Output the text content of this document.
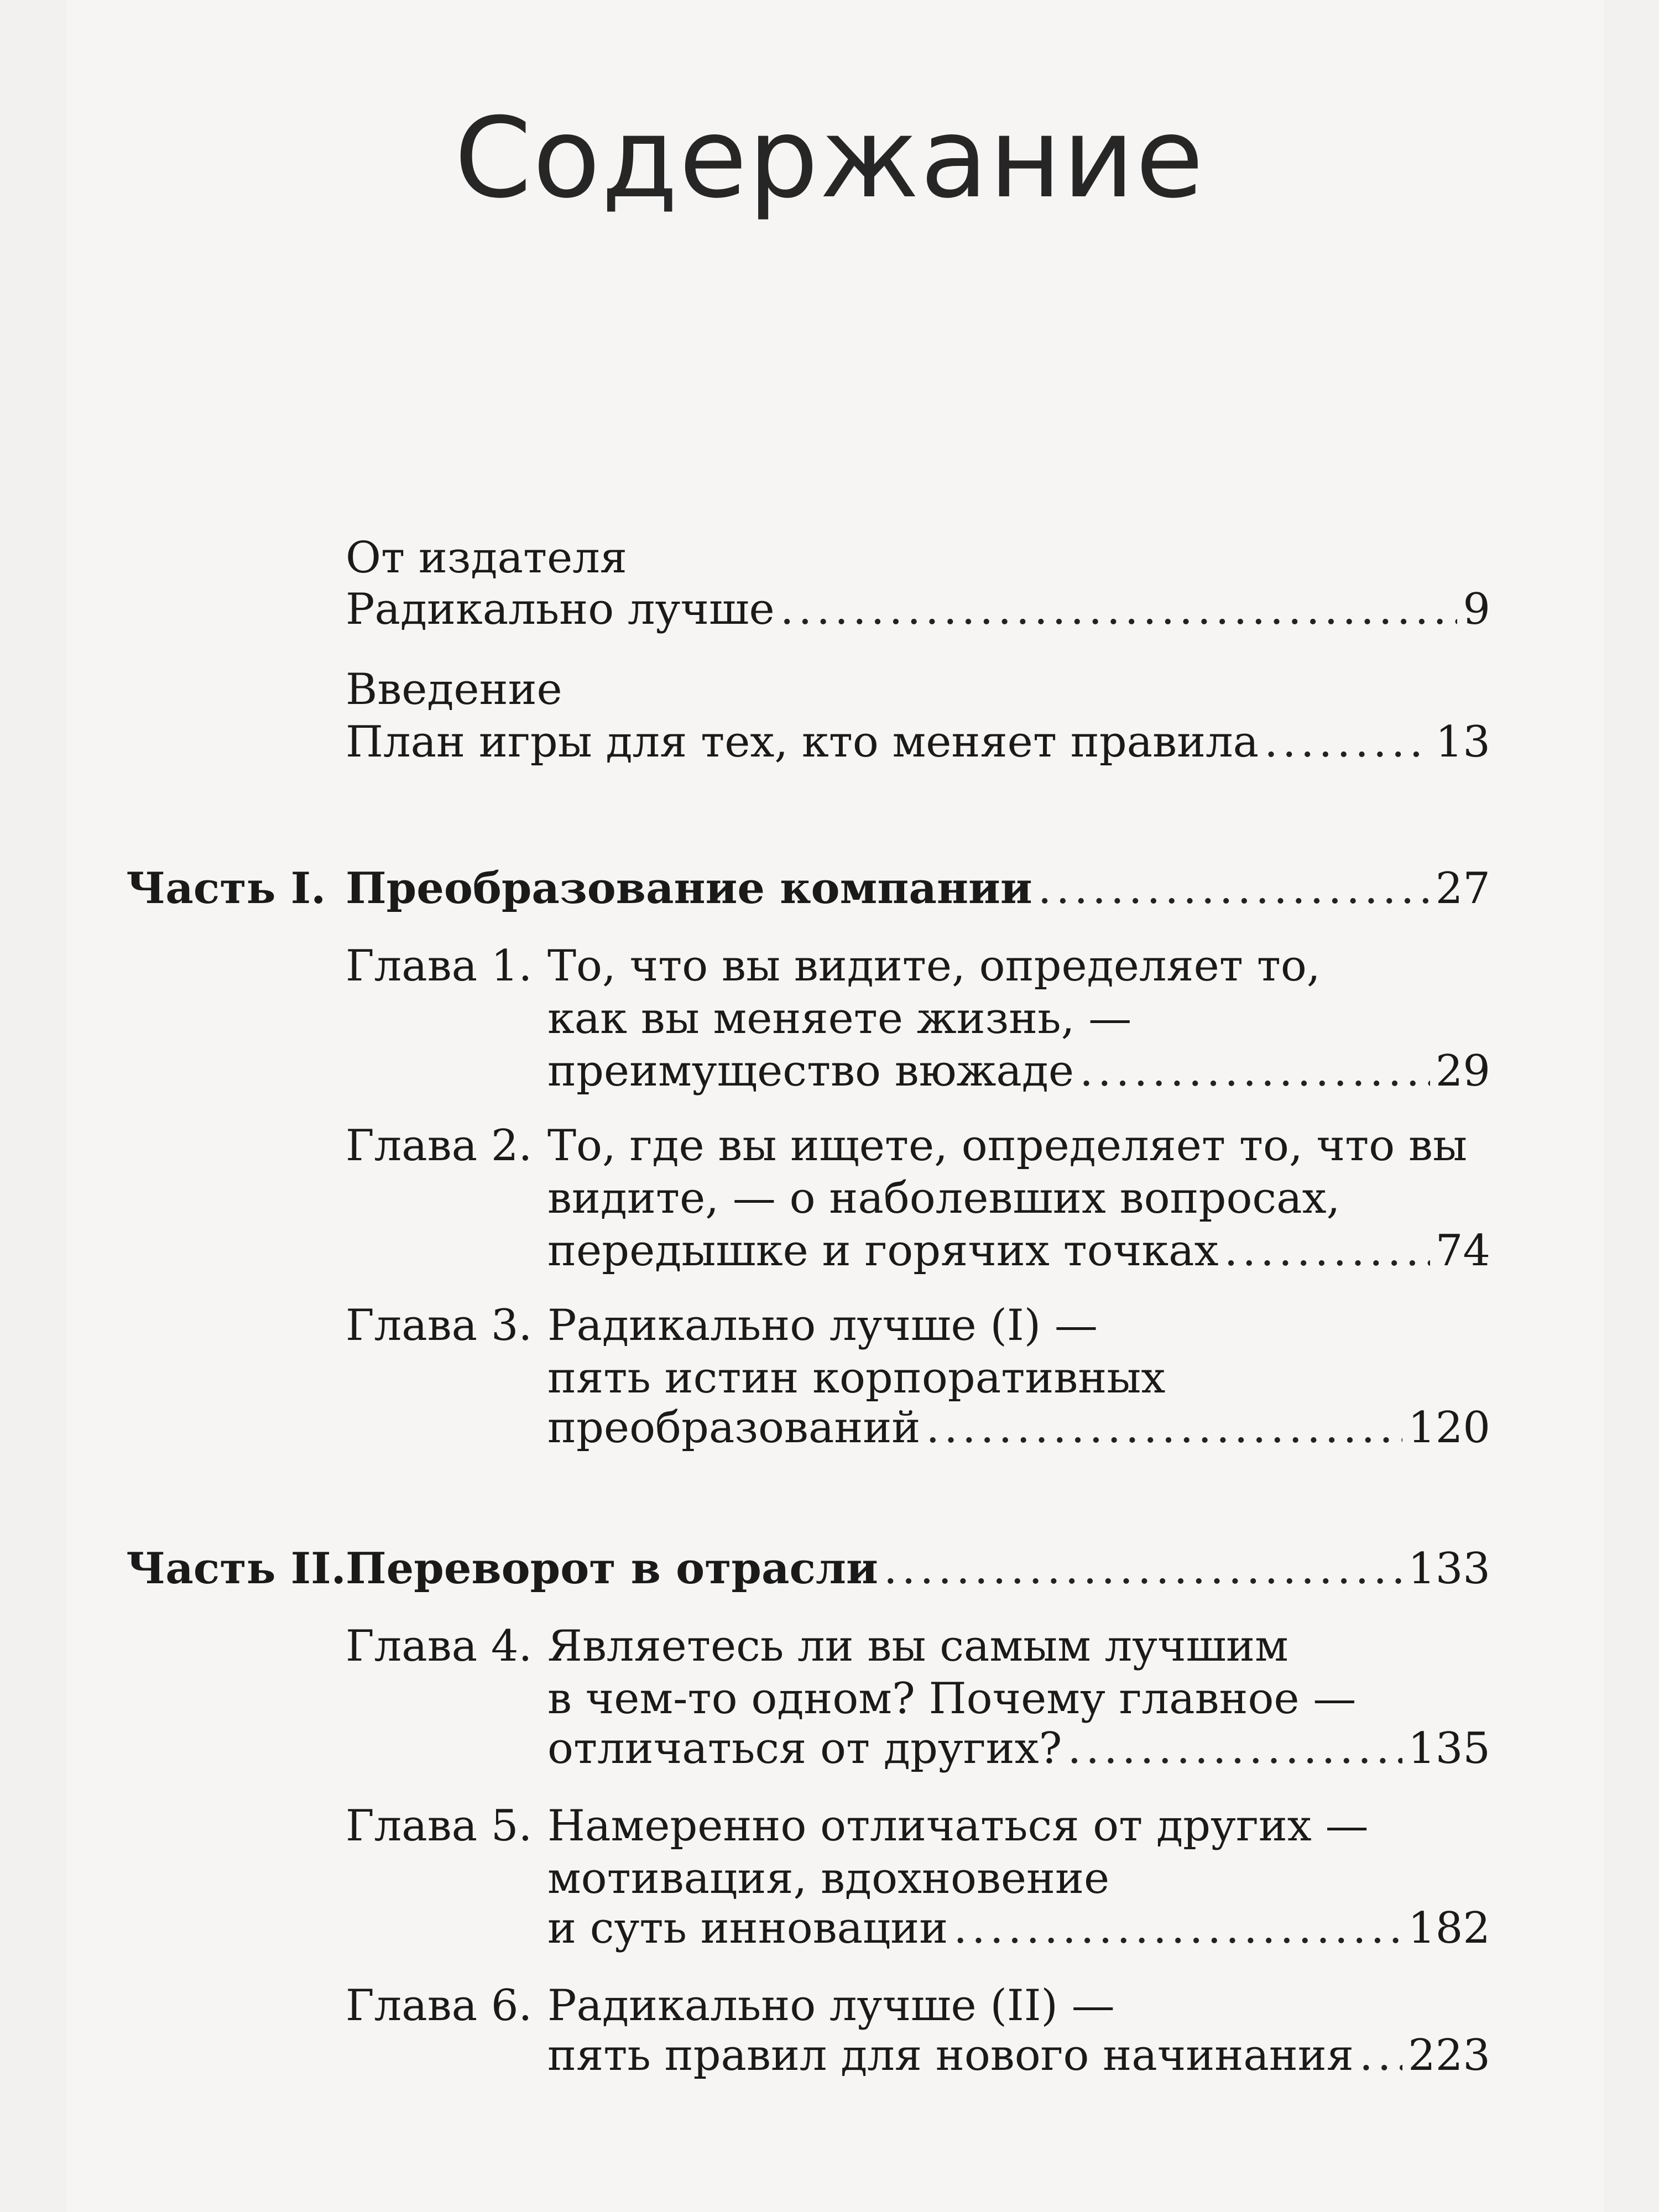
Содержание
От издателя
Радикально лучше .....	9
Введение
План игры для тех, кто меняет правила .....	13
Часть I. Преобразование компании .....	27
Глава 1. То, что вы видите, определяет то,
как вы меняете жизнь, —
преимущество вюжаде .....	29
Глава 2. То, где вы ищете, определяет то, что вы
видите, — о наболевших вопросах,
передышке и горячих точках .....	74
Глава 3. Радикально лучше (I) —
пять истин корпоративных
преобразований .....	120
Часть II. Переворот в отрасли .....	133
Глава 4. Являетесь ли вы самым лучшим
в чем-то одном? Почему главное —
отличаться от других? .....	135
Глава 5. Намеренно отличаться от других —
мотивация, вдохновение
и суть инновации .....	182
Глава 6. Радикально лучше (II) —
пять правил для нового начинания ..... 223
